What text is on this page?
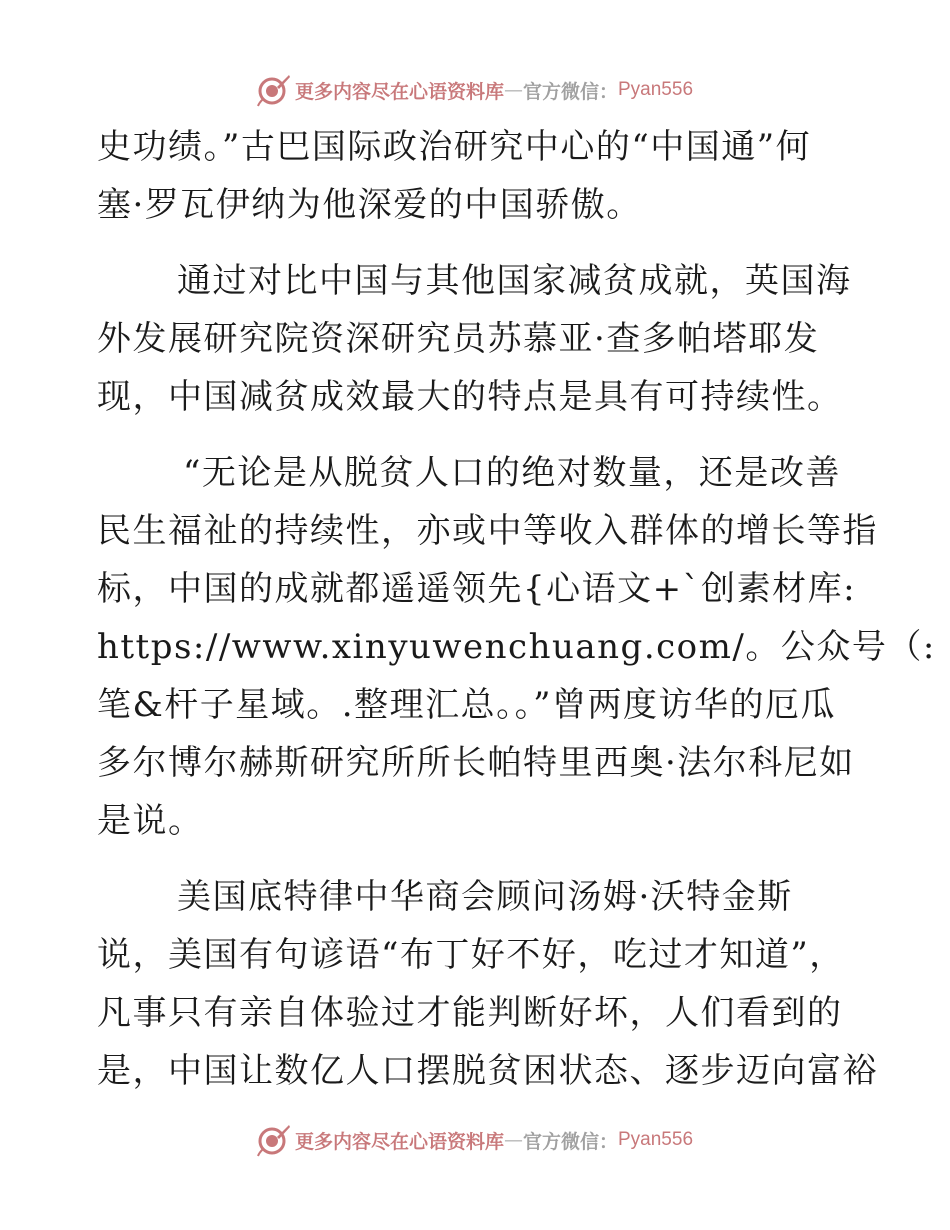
更多内容尽在心语资料库 — 官方微信： Pyan556
史功绩。”古巴国际政治研究中心的“中国通”何
塞·罗瓦伊纳为他深爱的中国骄傲。
通过对比中国与其他国家减贫成就，英国海
外发展研究院资深研究员苏慕亚·查多帕塔耶发
现，中国减贫成效最大的特点是具有可持续性。
“无论是从脱贫人口的绝对数量，还是改善
民生福祉的持续性，亦或中等收入群体的增长等指
标，中国的成就都遥遥领先{心语文+`创素材库:
https://www.xinyuwenchuang.com/。公众号（:
笔&杆子星域。.整理汇总。。”曾两度访华的厄瓜
多尔博尔赫斯研究所所长帕特里西奥·法尔科尼如
是说。
美国底特律中华商会顾问汤姆·沃特金斯
说，美国有句谚语“布丁好不好，吃过才知道”，
凡事只有亲自体验过才能判断好坏，人们看到的
是，中国让数亿人口摆脱贫困状态、逐步迈向富裕
更多内容尽在心语资料库 — 官方微信： Pyan556
